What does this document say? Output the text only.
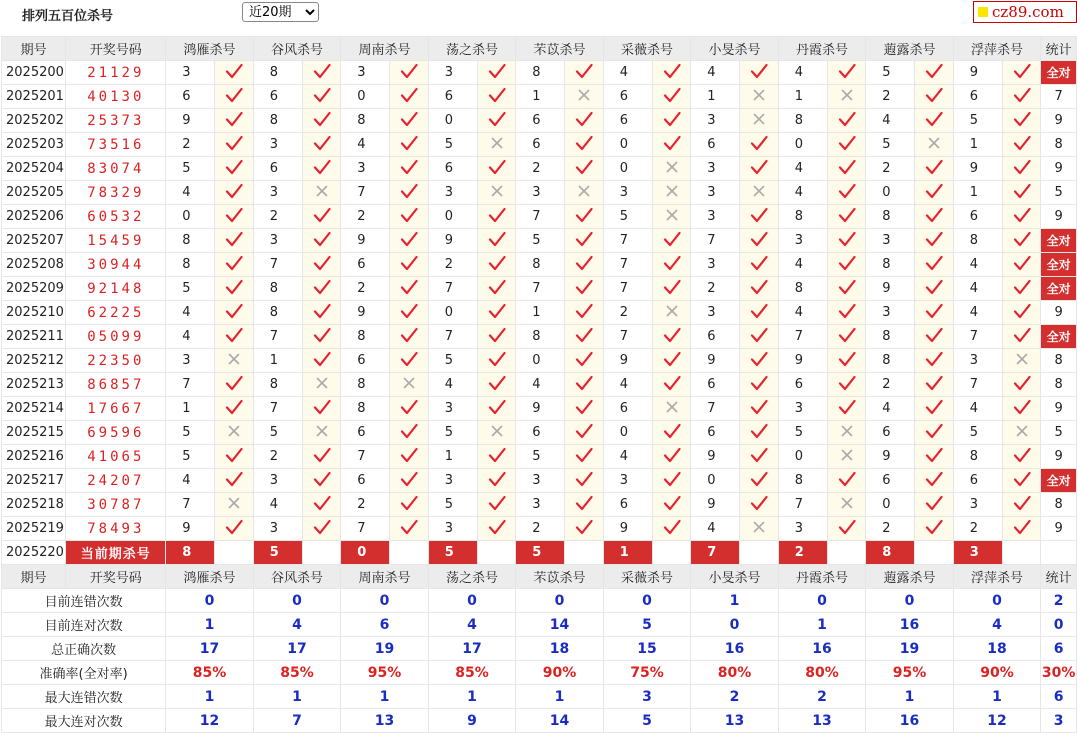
排列五百位杀号
近20期	cz89.com
期号	开奖号码	鸿雁杀号		谷风杀号		周南杀号		荡之杀号		芣苡杀号		采薇杀号		小旻杀号		丹霞杀号		蕸露杀号		浮萍杀号		统计
2025200	21129	3		8		3		3		8		4		4		4		5		9		全对
2025201	40130	6		6		0		6		1		6		1		1		2		6		7
2025202	25373	9		8		8		0		6		6		3		8		4		5		9
2025203	73516	2		3		4		5		6		0		6		0		5		1		8
2025204	83074	5		6		3		6		2		0		3		4		2		9		9
2025205	78329	4		3		7		3		3		3		3		4		0		1		5
2025206	60532	0		2		2		0		7		5		3		8		8		6		9
2025207	15459	8		3		9		9		5		7		7		3		3		8		全对
2025208	30944	8		7		6		2		8		7		3		4		8		4		全对
2025209	92148	5		8		2		7		7		7		2		8		9		4		全对
2025210	62225	4		8		9		0		1		2		3		4		3		4		9
2025211	05099	4		7		8		7		8		7		6		7		8		7		全对
2025212	22350	3		1		6		5		0		9		9		9		8		3		8
2025213	86857	7		8		8		4		4		4		6		6		2		7		8
2025214	17667	1		7		8		3		9		6		7		3		4		4		9
2025215	69596	5		5		6		5		6		0		6		5		6		5		5
2025216	41065	5		2		7		1		5		4		9		0		9		8		9
2025217	24207	4		3		6		3		3		3		0		8		6		6		全对
2025218	30787	7		4		2		5		3		6		9		7		0		3		8
2025219	78493	9		3		7		3		2		9		4		3		2		2		9
2025220	当前期杀号	8		5		0		5		5		1		7		2		8		3		
期号	开奖号码	鸿雁杀号		谷风杀号		周南杀号		荡之杀号		芣苡杀号		采薇杀号		小旻杀号		丹霞杀号		蕸露杀号		浮萍杀号		统计
目前连错次数		0		0		0		0		0		0		1		0		0		0		2
目前连对次数		1		4		6		4		14		5		0		1		16		4		0
总正确次数		17		17		19		17		18		15		16		16		19		18		6
准确率(全对率)		85%		85%		95%		85%		90%		75%		80%		80%		95%		90%		30%
最大连错次数		1		1		1		1		1		3		2		2		1		1		6
最大连对次数		12		7		13		9		14		5		13		13		16		12		3
